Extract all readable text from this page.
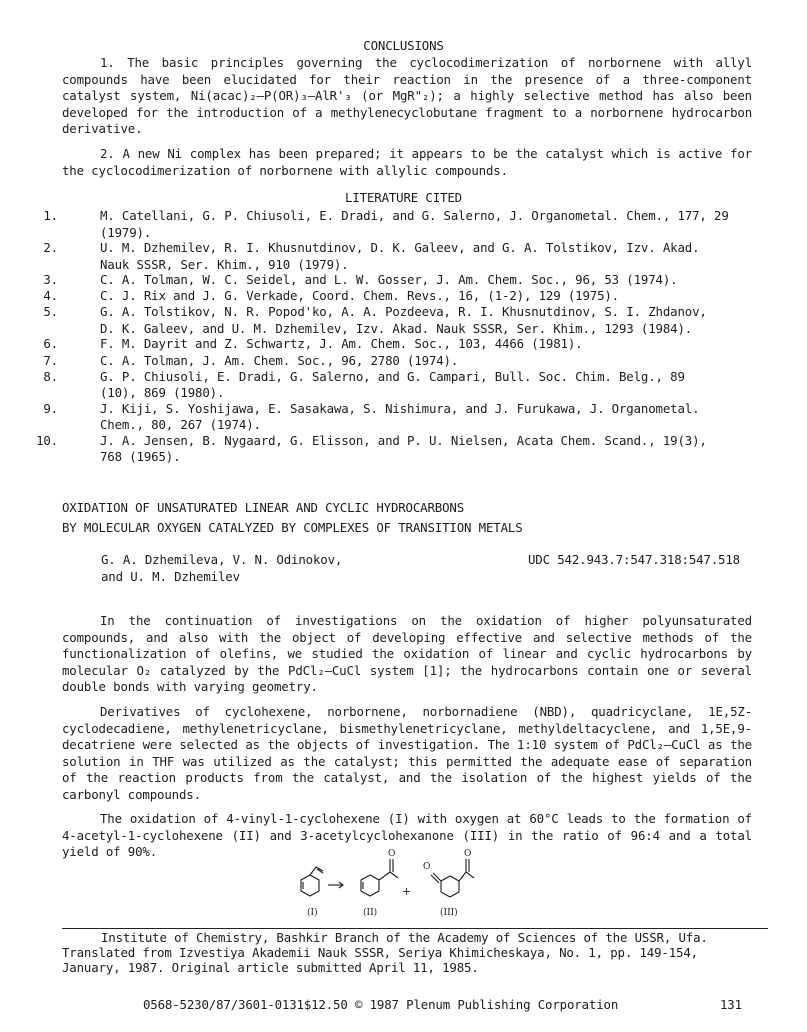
CONCLUSIONS

1. The basic principles governing the cyclocodimerization of norbornene with allyl compounds have been elucidated for their reaction in the presence of a three-component catalyst system, Ni(acac)₂–P(OR)₃–AlR'₃ (or MgR"₂); a highly selective method has also been developed for the introduction of a methylenecyclobutane fragment to a norbornene hydrocarbon derivative.

2. A new Ni complex has been prepared; it appears to be the catalyst which is active for the cyclocodimerization of norbornene with allylic compounds.

LITERATURE CITED

1.	M. Catellani, G. P. Chiusoli, E. Dradi, and G. Salerno, J. Organometal. Chem., 177, 29

(1979).

2.	U. M. Dzhemilev, R. I. Khusnutdinov, D. K. Galeev, and G. A. Tolstikov, Izv. Akad.

Nauk SSSR, Ser. Khim., 910 (1979).

3.	C. A. Tolman, W. C. Seidel, and L. W. Gosser, J. Am. Chem. Soc., 96, 53 (1974).

4.	C. J. Rix and J. G. Verkade, Coord. Chem. Revs., 16, (1-2), 129 (1975).

5.	G. A. Tolstikov, N. R. Popod'ko, A. A. Pozdeeva, R. I. Khusnutdinov, S. I. Zhdanov,

D. K. Galeev, and U. M. Dzhemilev, Izv. Akad. Nauk SSSR, Ser. Khim., 1293 (1984).

6.	F. M. Dayrit and Z. Schwartz, J. Am. Chem. Soc., 103, 4466 (1981).

7.	C. A. Tolman, J. Am. Chem. Soc., 96, 2780 (1974).

8.	G. P. Chiusoli, E. Dradi, G. Salerno, and G. Campari, Bull. Soc. Chim. Belg., 89

(10), 869 (1980).

9.	J. Kiji, S. Yoshijawa, E. Sasakawa, S. Nishimura, and J. Furukawa, J. Organometal.

Chem., 80, 267 (1974).

10.	J. A. Jensen, B. Nygaard, G. Elisson, and P. U. Nielsen, Acata Chem. Scand., 19(3),

768 (1965).

OXIDATION OF UNSATURATED LINEAR AND CYCLIC HYDROCARBONS

BY MOLECULAR OXYGEN CATALYZED BY COMPLEXES OF TRANSITION METALS

G. A. Dzhemileva, V. N. Odinokov,

and U. M. Dzhemilev

UDC 542.943.7:547.318:547.518

In the continuation of investigations on the oxidation of higher polyunsaturated compounds, and also with the object of developing effective and selective methods of the functionalization of olefins, we studied the oxidation of linear and cyclic hydrocarbons by molecular O₂ catalyzed by the PdCl₂–CuCl system [1]; the hydrocarbons contain one or several double bonds with varying geometry.

Derivatives of cyclohexene, norbornene, norbornadiene (NBD), quadricyclane, 1E,5Z-cyclodecadiene, methylenetricyclane, bismethylenetricyclane, methyldeltacyclene, and 1,5E,9-decatriene were selected as the objects of investigation. The 1:10 system of PdCl₂–CuCl as the solution in THF was utilized as the catalyst; this permitted the adequate ease of separation of the reaction products from the catalyst, and the isolation of the highest yields of the carbonyl compounds.

The oxidation of 4-vinyl-1-cyclohexene (I) with oxygen at 60°C leads to the formation of 4-acetyl-1-cyclohexene (II) and 3-acetylcyclohexanone (III) in the ratio of 96:4 and a total yield of 90%.	O
O
O
+
(I)	(II)	(III)

Institute of Chemistry, Bashkir Branch of the Academy of Sciences of the USSR, Ufa.

Translated from Izvestiya Akademii Nauk SSSR, Seriya Khimicheskaya, No. 1, pp. 149-154,

January, 1987. Original article submitted April 11, 1985.

0568-5230/87/3601-0131$12.50 © 1987 Plenum Publishing Corporation	131
